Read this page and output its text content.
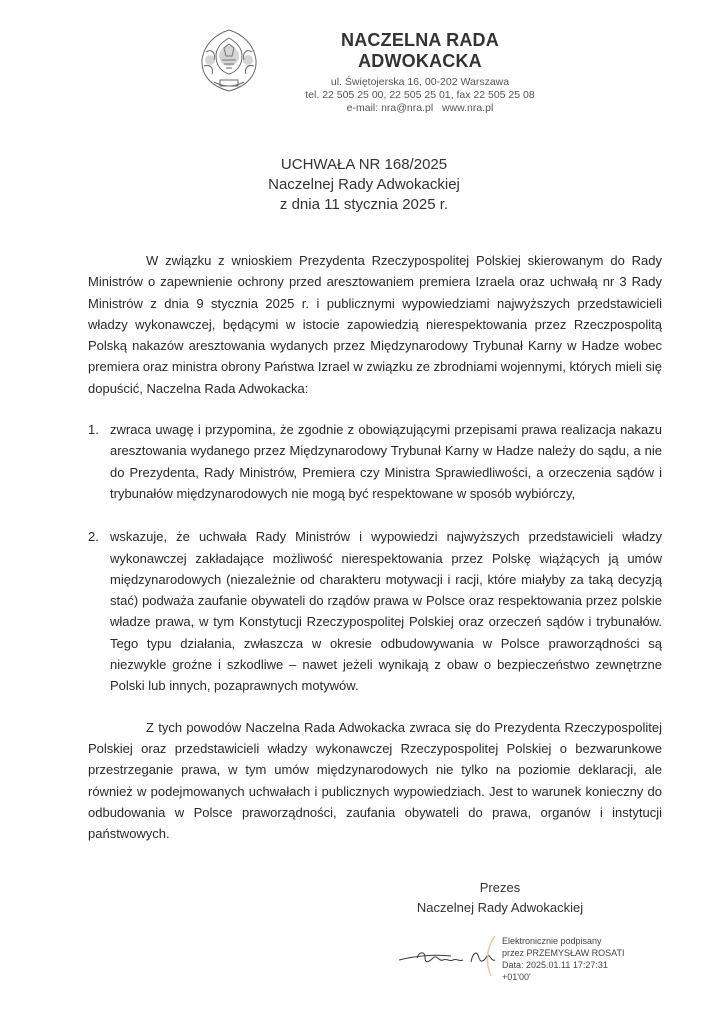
NACZELNA RADA ADWOKACKA
ul. Świętojerska 16, 00-202 Warszawa
tel. 22 505 25 00, 22 505 25 01, fax 22 505 25 08
e-mail: nra@nra.pl   www.nra.pl
UCHWAŁA NR 168/2025
Naczelnej Rady Adwokackiej
z dnia 11 stycznia 2025 r.

W związku z wnioskiem Prezydenta Rzeczypospolitej Polskiej skierowanym do Rady Ministrów o zapewnienie ochrony przed aresztowaniem premiera Izraela oraz uchwałą nr 3 Rady Ministrów z dnia 9 stycznia 2025 r. i publicznymi wypowiedziami najwyższych przedstawicieli władzy wykonawczej, będącymi w istocie zapowiedzią nierespektowania przez Rzeczpospolitą Polską nakazów aresztowania wydanych przez Międzynarodowy Trybunał Karny w Hadze wobec premiera oraz ministra obrony Państwa Izrael w związku ze zbrodniami wojennymi, których mieli się dopuścić, Naczelna Rada Adwokacka:

1. zwraca uwagę i przypomina, że zgodnie z obowiązującymi przepisami prawa realizacja nakazu aresztowania wydanego przez Międzynarodowy Trybunał Karny w Hadze należy do sądu, a nie do Prezydenta, Rady Ministrów, Premiera czy Ministra Sprawiedliwości, a orzeczenia sądów i trybunałów międzynarodowych nie mogą być respektowane w sposób wybiórczy,
2. wskazuje, że uchwała Rady Ministrów i wypowiedzi najwyższych przedstawicieli władzy wykonawczej zakładające możliwość nierespektowania przez Polskę wiążących ją umów międzynarodowych (niezależnie od charakteru motywacji i racji, które miałyby za taką decyzją stać) podważa zaufanie obywateli do rządów prawa w Polsce oraz respektowania przez polskie władze prawa, w tym Konstytucji Rzeczypospolitej Polskiej oraz orzeczeń sądów i trybunałów. Tego typu działania, zwłaszcza w okresie odbudowywania w Polsce praworządności są niezwykle groźne i szkodliwe – nawet jeżeli wynikają z obaw o bezpieczeństwo zewnętrzne Polski lub innych, pozaprawnych motywów.

Z tych powodów Naczelna Rada Adwokacka zwraca się do Prezydenta Rzeczypospolitej Polskiej oraz przedstawicieli władzy wykonawczej Rzeczypospolitej Polskiej o bezwarunkowe przestrzeganie prawa, w tym umów międzynarodowych nie tylko na poziomie deklaracji, ale również w podejmowanych uchwałach i publicznych wypowiedziach. Jest to warunek konieczny do odbudowania w Polsce praworządności, zaufania obywateli do prawa, organów i instytucji państwowych.

Prezes
Naczelnej Rady Adwokackiej
Elektronicznie podpisany
przez PRZEMYSŁAW ROSATI
Data: 2025.01.11 17:27:31
+01'00'
